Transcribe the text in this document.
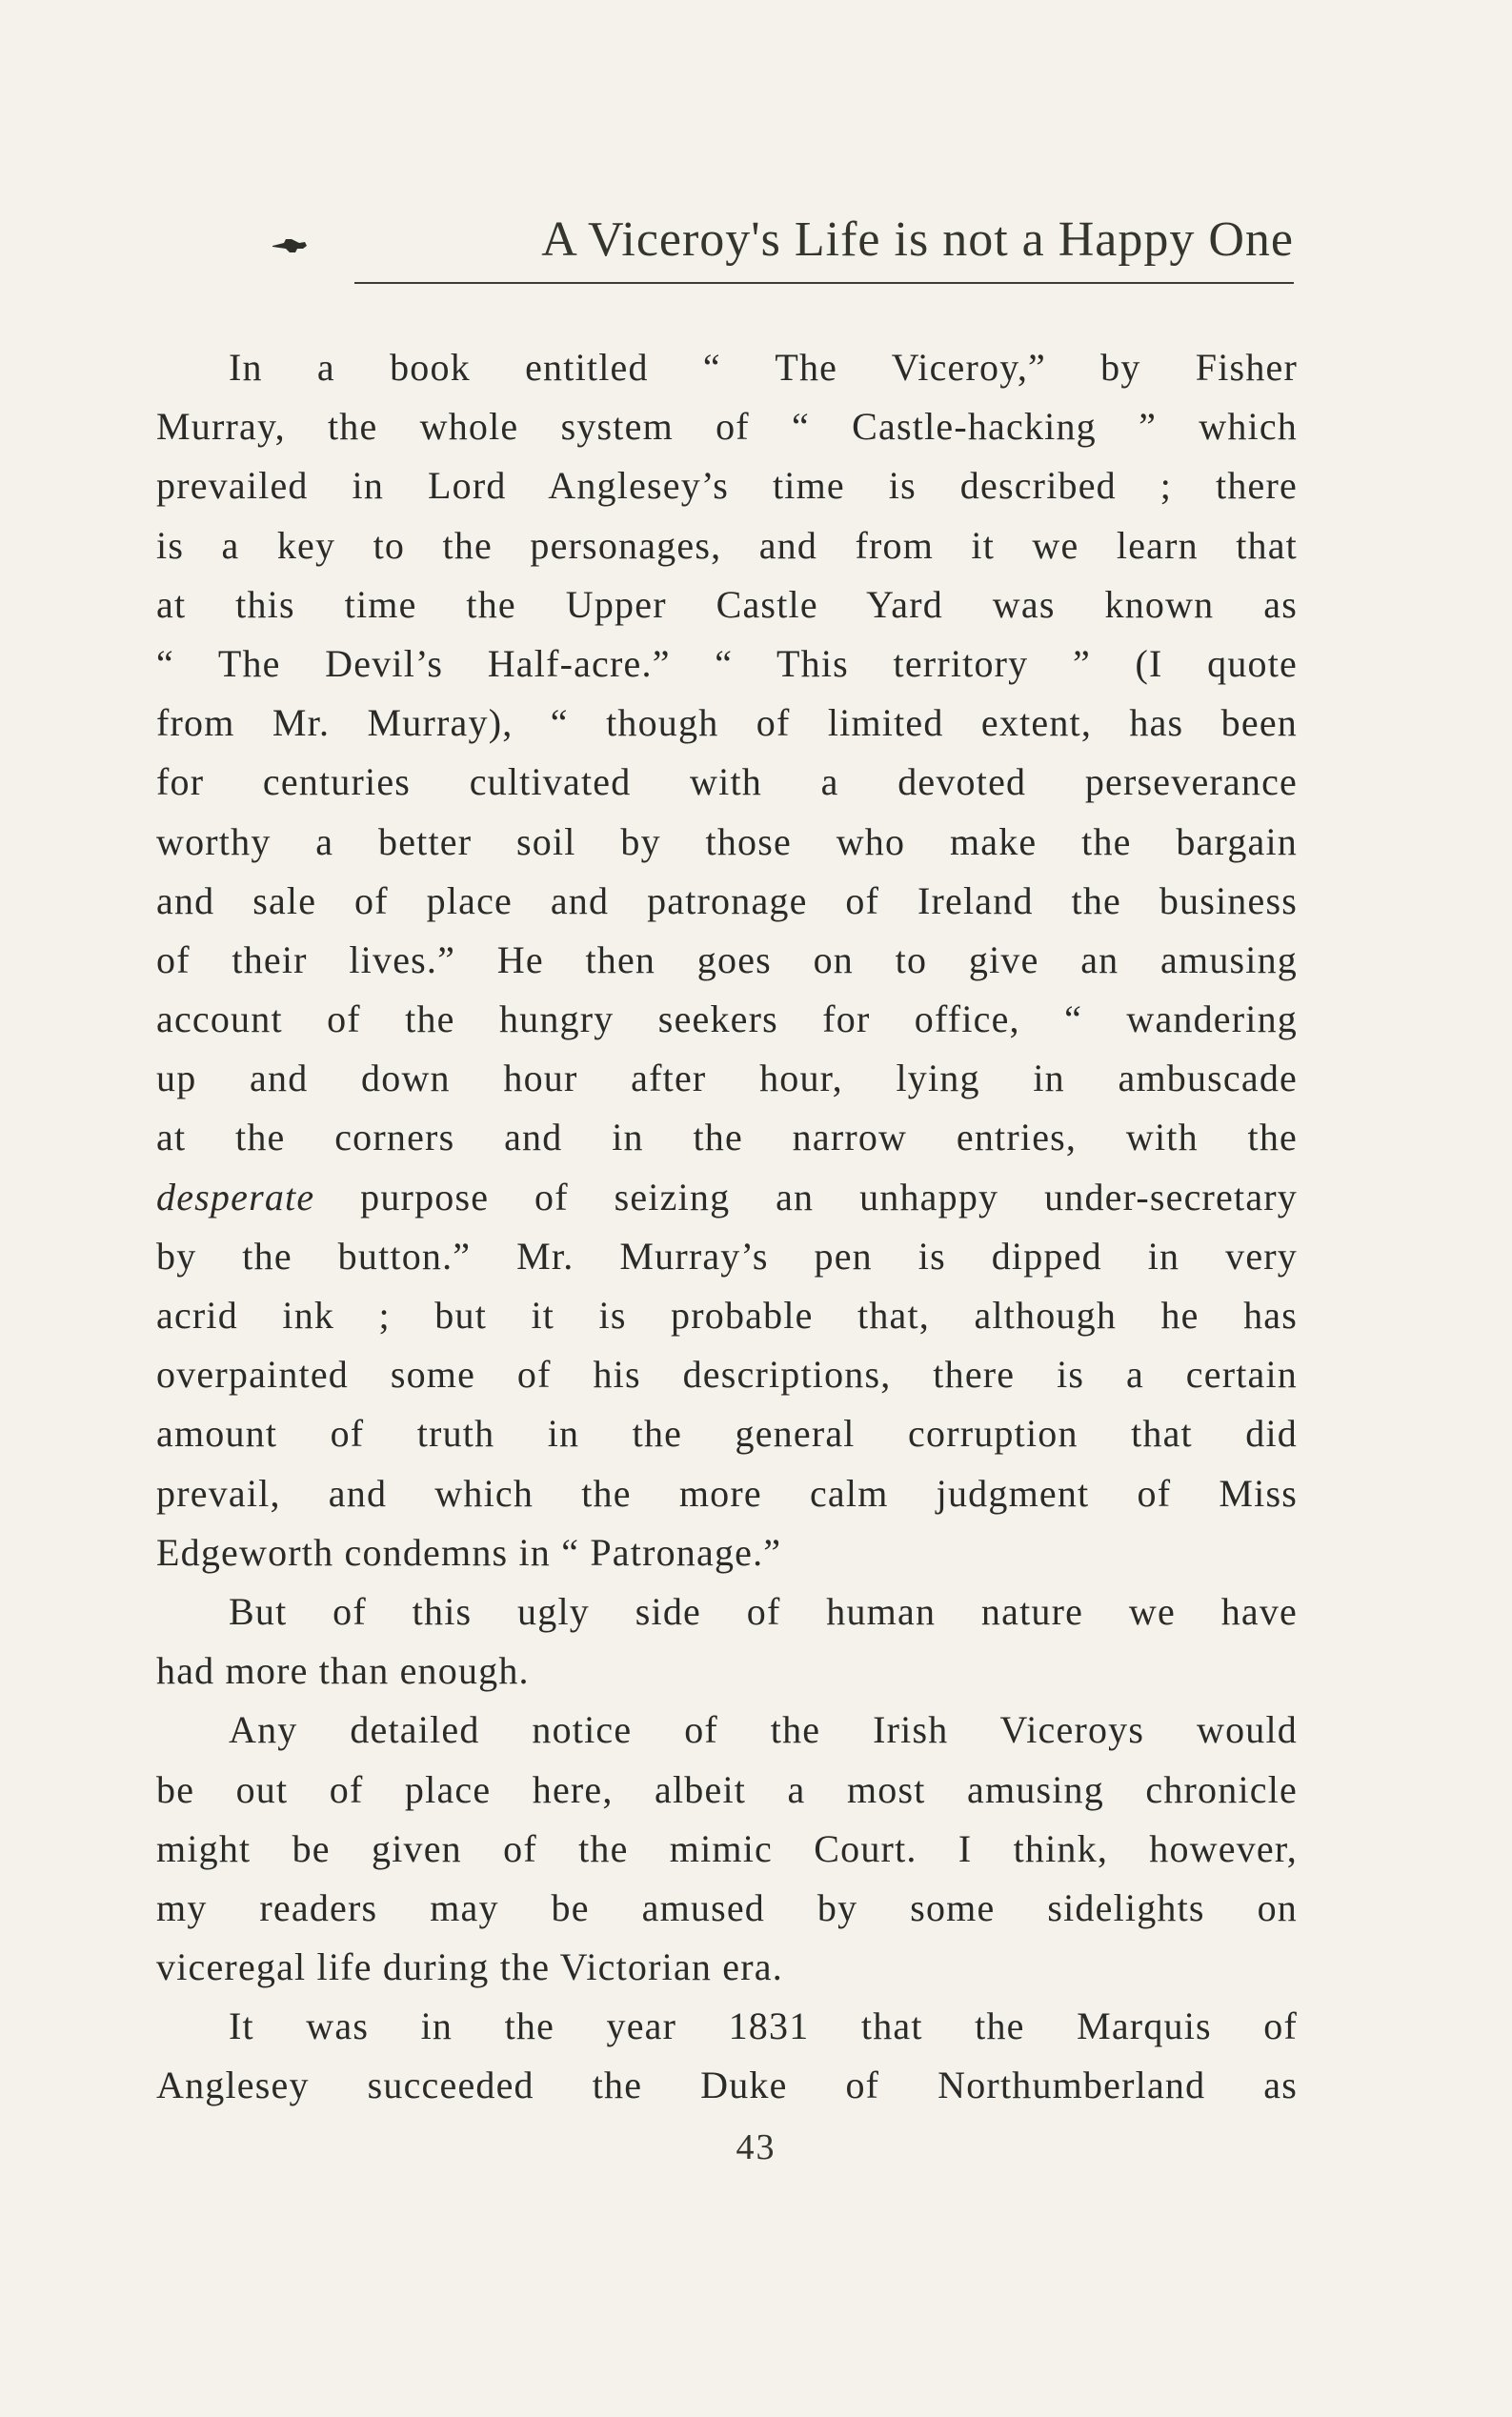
A Viceroy's Life is not a Happy One
In a book entitled “ The Viceroy,” by Fisher
Murray, the whole system of “ Castle-hacking ” which
prevailed in Lord Anglesey’s time is described ; there
is a key to the personages, and from it we learn that
at this time the Upper Castle Yard was known as
“ The Devil’s Half-acre.” “ This territory ” (I quote
from Mr. Murray), “ though of limited extent, has been
for centuries cultivated with a devoted perseverance
worthy a better soil by those who make the bargain
and sale of place and patronage of Ireland the business
of their lives.” He then goes on to give an amusing
account of the hungry seekers for office, “ wandering
up and down hour after hour, lying in ambuscade
at the corners and in the narrow entries, with the
desperate purpose of seizing an unhappy under-secretary
by the button.” Mr. Murray’s pen is dipped in very
acrid ink ; but it is probable that, although he has
overpainted some of his descriptions, there is a certain
amount of truth in the general corruption that did
prevail, and which the more calm judgment of Miss
Edgeworth condemns in “ Patronage.”
But of this ugly side of human nature we have
had more than enough.
Any detailed notice of the Irish Viceroys would
be out of place here, albeit a most amusing chronicle
might be given of the mimic Court. I think, however,
my readers may be amused by some sidelights on
viceregal life during the Victorian era.
It was in the year 1831 that the Marquis of
Anglesey succeeded the Duke of Northumberland as
43
